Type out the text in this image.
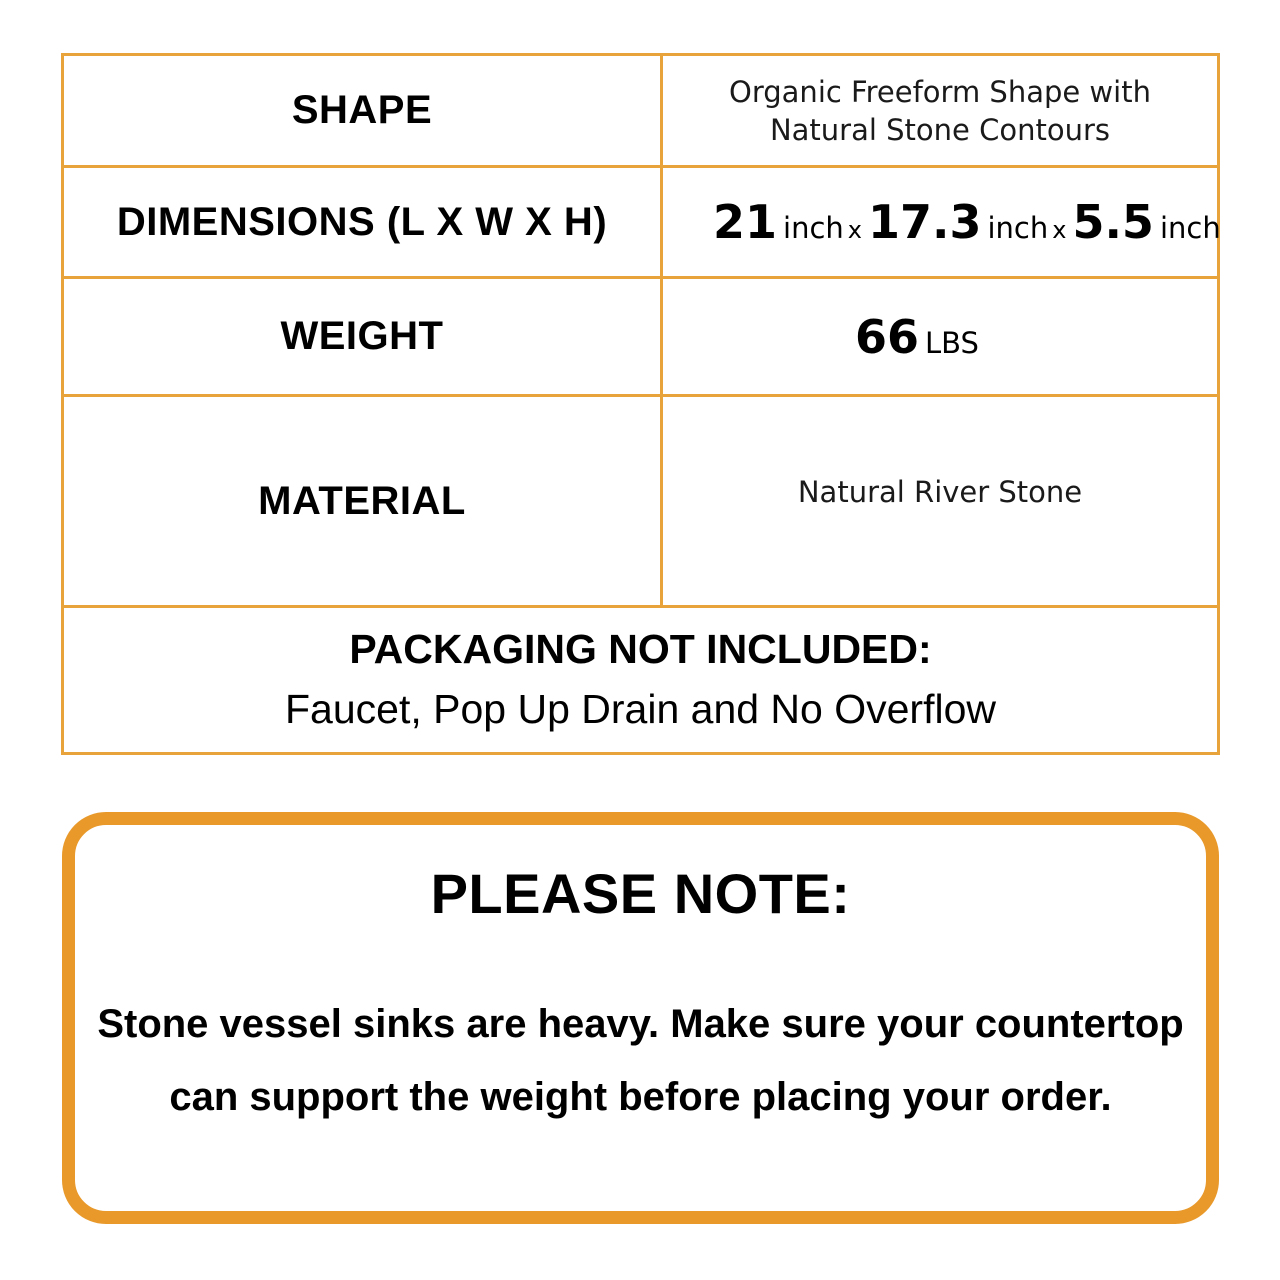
SHAPE	Organic Freeform Shape with
Natural Stone Contours
DIMENSIONS (L X W X H) 21 inch x 17.3 inch x 5.5 inch
WEIGHT	66 LBS
MATERIAL	Natural River Stone
PACKAGING NOT INCLUDED:
Faucet, Pop Up Drain and No Overflow
PLEASE NOTE:
Stone vessel sinks are heavy. Make sure your countertop can support the weight before placing your order.
